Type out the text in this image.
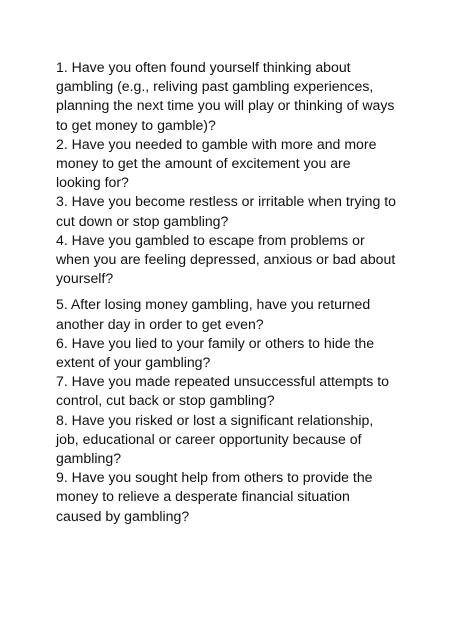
1. Have you often found yourself thinking about gambling (e.g., reliving past gambling experiences, planning the next time you will play or thinking of ways to get money to gamble)?
2. Have you needed to gamble with more and more money to get the amount of excitement you are looking for?
3. Have you become restless or irritable when trying to cut down or stop gambling?
4. Have you gambled to escape from problems or when you are feeling depressed, anxious or bad about yourself?
5. After losing money gambling, have you returned another day in order to get even?
6. Have you lied to your family or others to hide the extent of your gambling?
7. Have you made repeated unsuccessful attempts to control, cut back or stop gambling?
8. Have you risked or lost a significant relationship, job, educational or career opportunity because of gambling?
9. Have you sought help from others to provide the money to relieve a desperate financial situation caused by gambling?
